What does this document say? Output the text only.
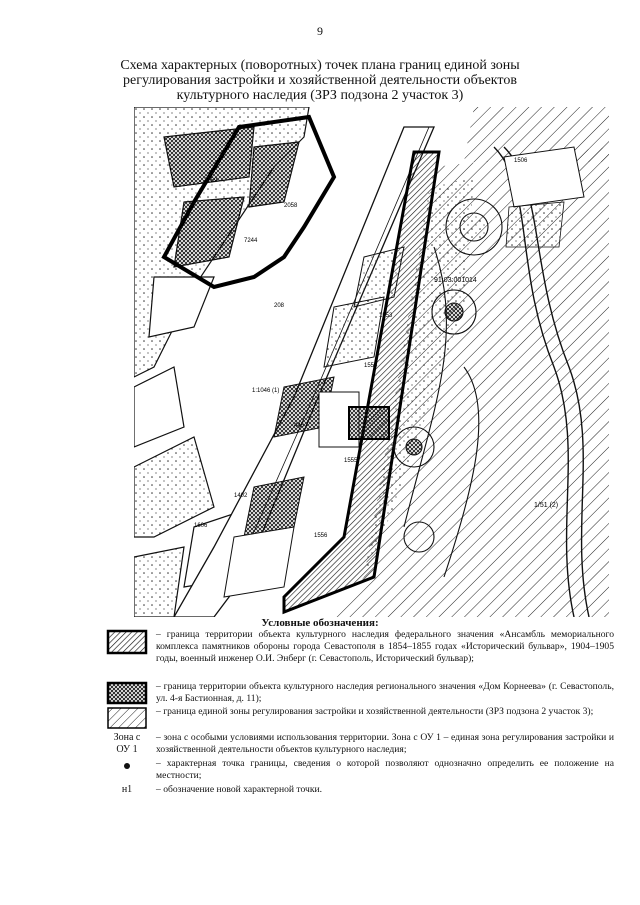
9
Схема характерных (поворотных) точек плана границ единой зоны регулирования застройки и хозяйственной деятельности объектов культурного наследия (ЗРЗ подзона 2 участок 3)
91:03:001014
1/51 (2)
1:1046 (1)
2059
2058
1506
7244
446
1402
1606
208
1553
1554
1555
1556
Условные обозначения:
– граница территории объекта культурного наследия федерального значения «Ансамбль мемориального комплекса памятников обороны города Севастополя в 1854–1855 годах «Исторический бульвар», 1904–1905 годы, военный инженер О.И. Энберг (г. Севастополь, Исторический бульвар);
– граница территории объекта культурного наследия регионального значения «Дом Корнеева» (г. Севастополь, ул. 4-я Бастионная, д. 11);
– граница единой зоны регулирования застройки и хозяйственной деятельности (ЗРЗ подзона 2 участок 3);
Зона с ОУ 1
– зона с особыми условиями использования территории. Зона с ОУ 1 – единая зона регулирования застройки и хозяйственной деятельности объектов культурного наследия;
– характерная точка границы, сведения о которой позволяют однозначно определить ее положение на местности;
н1	– обозначение новой характерной точки.
